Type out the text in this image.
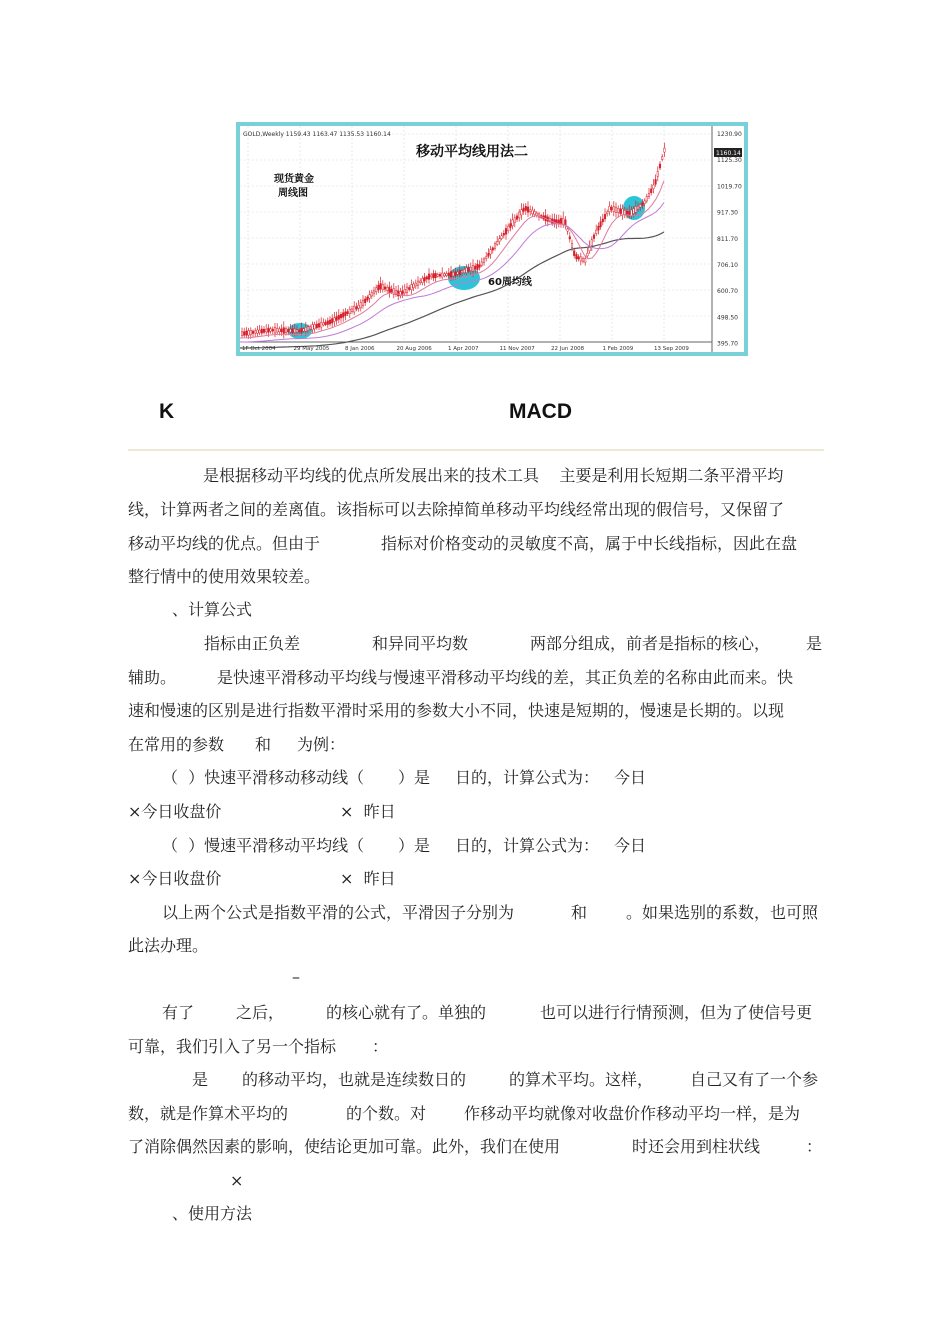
GOLD,Weekly 1159.43 1163.47 1135.53 1160.14
移动平均线用法二
现货黄金
周线图
60周均线
1230.90
1125.30
1019.70
917.30
811.70
706.10
600.70
498.50
395.70
1F Oct 2004	29 May 2005	8 Jan 2006	20 Aug 2006	1 Apr 2007	11 Nov 2007	22 Jun 2008	1 Feb 2009	13 Sep 2009
1160.14
K	MACD
是根据移动平均线的优点所发展出来的技术工具    主要是利用长短期二条平滑平均
线，计算两者之间的差离值。该指标可以去除掉简单移动平均线经常出现的假信号，又保留了
移动平均线的优点。但由于	指标对价格变动的灵敏度不高，属于中长线指标，因此在盘
整行情中的使用效果较差。
、计算公式
指标由正负差	和异同平均数	两部分组成，前者是指标的核心， 是
辅助。	是快速平滑移动平均线与慢速平滑移动平均线的差，其正负差的名称由此而来。快
速和慢速的区别是进行指数平滑时采用的参数大小不同，快速是短期的，慢速是长期的。以现
在常用的参数 和 为例：
（  ）快速平滑移动移动线（ ）是 日的，计算公式为： 今日
×今日收盘价	×  昨日
（  ）慢速平滑移动平均线（ ）是 日的，计算公式为： 今日
×今日收盘价	×  昨日
以上两个公式是指数平滑的公式，平滑因子分别为	和 。如果选别的系数，也可照
此法办理。
–
有了	之后，	的核心就有了。单独的	也可以进行行情预测，但为了使信号更
可靠，我们引入了另一个指标 ：
是 的移动平均，也就是连续数日的	的算术平均。这样， 自己又有了一个参
数，就是作算术平均的	的个数。对 作移动平均就像对收盘价作移动平均一样，是为
了消除偶然因素的影响，使结论更加可靠。此外，我们在使用	时还会用到柱状线	：
×
、使用方法
